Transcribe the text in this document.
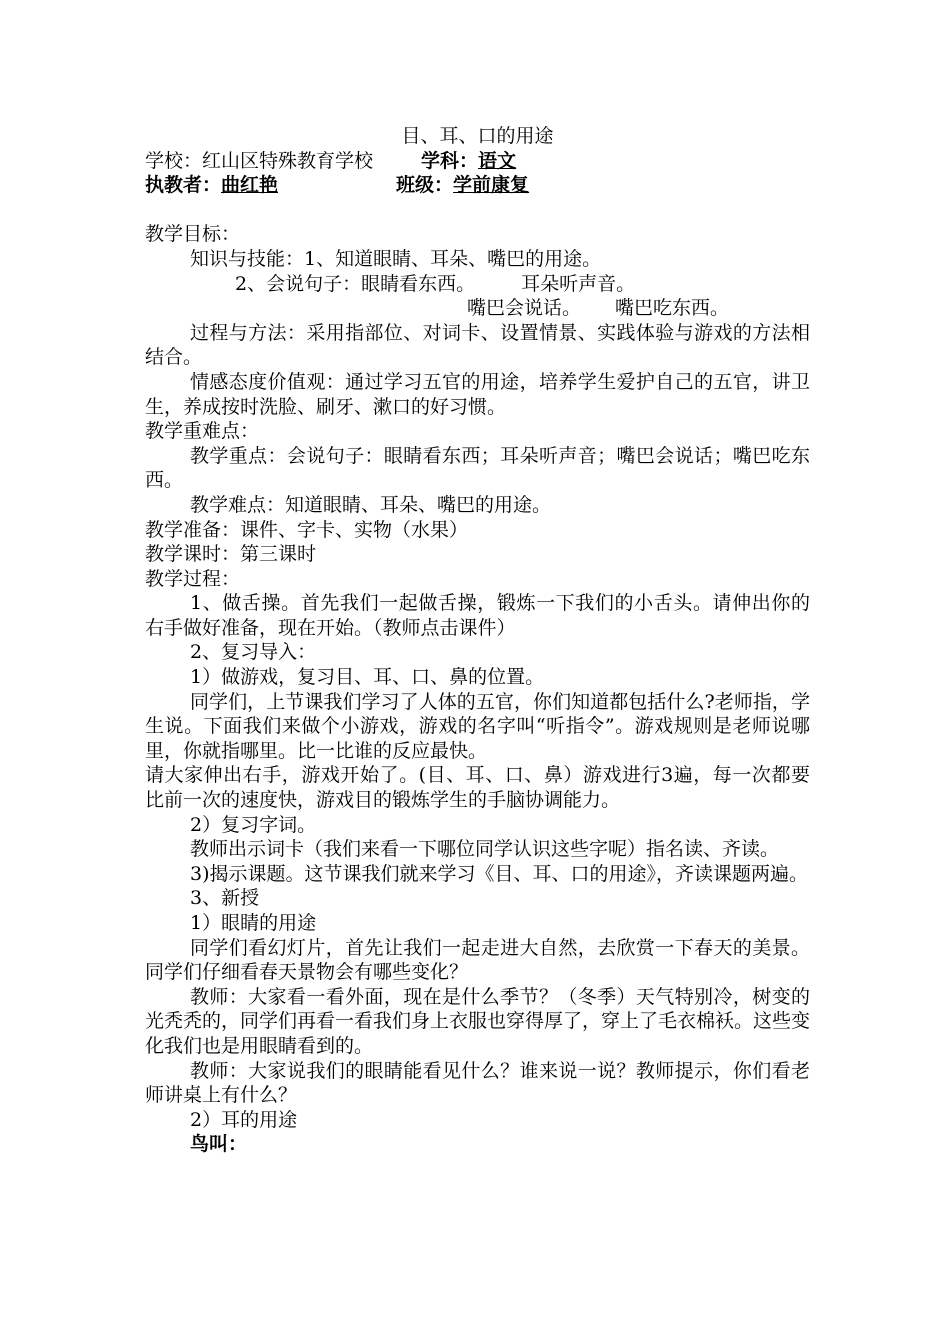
目、耳、口的用途

学校：红山区特殊教育学校	学科：语文

执教者：曲红艳	班级：学前康复

教学目标：

知识与技能：1、知道眼睛、耳朵、嘴巴的用途。

2、会说句子：眼睛看东西。 耳朵听声音。

嘴巴会说话。 嘴巴吃东西。

过程与方法：采用指部位、对词卡、设置情景、实践体验与游戏的方法相结合。

情感态度价值观：通过学习五官的用途，培养学生爱护自己的五官，讲卫生，养成按时洗脸、刷牙、漱口的好习惯。

教学重难点：

教学重点：会说句子：眼睛看东西；耳朵听声音；嘴巴会说话；嘴巴吃东西。

教学难点：知道眼睛、耳朵、嘴巴的用途。

教学准备：课件、字卡、实物（水果）

教学课时：第三课时

教学过程：

1、做舌操。首先我们一起做舌操，锻炼一下我们的小舌头。请伸出你的右手做好准备，现在开始。（教师点击课件）

2、复习导入：

1）做游戏，复习目、耳、口、鼻的位置。

同学们，上节课我们学习了人体的五官，你们知道都包括什么?老师指，学生说。下面我们来做个小游戏，游戏的名字叫“听指令”。游戏规则是老师说哪里，你就指哪里。比一比谁的反应最快。

请大家伸出右手，游戏开始了。(目、耳、口、鼻）游戏进行3遍，每一次都要比前一次的速度快，游戏目的锻炼学生的手脑协调能力。

2）复习字词。

教师出示词卡（我们来看一下哪位同学认识这些字呢）指名读、齐读。

3)揭示课题。这节课我们就来学习《目、耳、口的用途》，齐读课题两遍。

3、新授

1）眼睛的用途

同学们看幻灯片，首先让我们一起走进大自然，去欣赏一下春天的美景。同学们仔细看春天景物会有哪些变化？

教师：大家看一看外面，现在是什么季节？（冬季）天气特别冷，树变的光秃秃的，同学们再看一看我们身上衣服也穿得厚了，穿上了毛衣棉袄。这些变化我们也是用眼睛看到的。

教师：大家说我们的眼睛能看见什么？谁来说一说？教师提示，你们看老师讲桌上有什么？

2）耳的用途

鸟叫：
